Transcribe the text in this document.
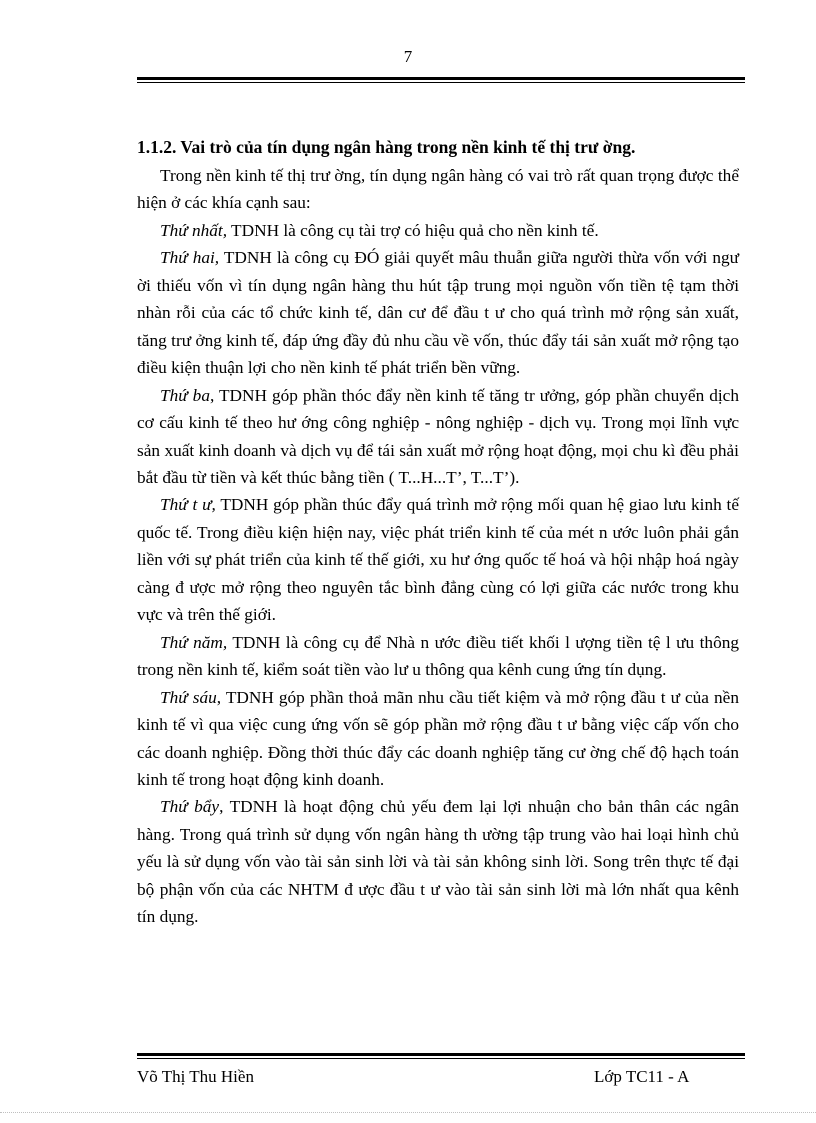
7
1.1.2. Vai trò của tín dụng ngân hàng trong nền kinh tế thị trư ờng.

Trong nền kinh tế thị trư ờng, tín dụng ngân hàng có vai trò rất quan trọng được thể hiện ở các khía cạnh sau:

Thứ nhất, TDNH là công cụ tài trợ có hiệu quả cho nền kinh tế.

Thứ hai, TDNH là công cụ ĐÓ giải quyết mâu thuẫn giữa người thừa vốn với ngư ời thiếu vốn vì tín dụng ngân hàng thu hút tập trung mọi nguồn vốn tiền tệ tạm thời nhàn rỗi của các tổ chức kinh tế, dân cư để đầu t ư cho quá trình mở rộng sản xuất, tăng trư ởng kinh tế, đáp ứng đầy đủ nhu cầu về vốn, thúc đẩy tái sản xuất mở rộng tạo điều kiện thuận lợi cho nền kinh tế phát triển bền vững.

Thứ ba, TDNH góp phần thóc đẩy nền kinh tế tăng tr ưởng, góp phần chuyển dịch cơ cấu kinh tế theo hư ớng công nghiệp - nông nghiệp - dịch vụ. Trong mọi lĩnh vực sản xuất kinh doanh và dịch vụ để tái sản xuất mở rộng hoạt động, mọi chu kì đều phải bắt đầu từ tiền và kết thúc bằng tiền ( T...H...T’, T...T’).

Thứ t ư, TDNH góp phần thúc đẩy quá trình mở rộng mối quan hệ giao lưu kinh tế quốc tế. Trong điều kiện hiện nay, việc phát triển kinh tế của mét n ước luôn phải gắn liền với sự phát triển của kinh tế thế giới, xu hư ớng quốc tế hoá và hội nhập hoá ngày càng đ ược mở rộng theo nguyên tắc bình đẳng cùng có lợi giữa các nước trong khu vực và trên thế giới.

Thứ năm, TDNH là công cụ để Nhà n ước điều tiết khối l ượng tiền tệ l ưu thông trong nền kinh tế, kiểm soát tiền vào lư u thông qua kênh cung ứng tín dụng.

Thứ sáu, TDNH góp phần thoả mãn nhu cầu tiết kiệm và mở rộng đầu t ư của nền kinh tế vì qua việc cung ứng vốn sẽ góp phần mở rộng đầu t ư bằng việc cấp vốn cho các doanh nghiệp. Đồng thời thúc đẩy các doanh nghiệp tăng cư ờng chế độ hạch toán kinh tế trong hoạt động kinh doanh.

Thứ bẩy, TDNH là hoạt động chủ yếu đem lại lợi nhuận cho bản thân các ngân hàng. Trong quá trình sử dụng vốn ngân hàng th ường tập trung vào hai loại hình chủ yếu là sử dụng vốn vào tài sản sinh lời và tài sản không sinh lời. Song trên thực tế đại bộ phận vốn của các NHTM đ ược đầu t ư vào tài sản sinh lời mà lớn nhất qua kênh tín dụng.

Võ Thị Thu Hiền	Lớp TC11 - A
